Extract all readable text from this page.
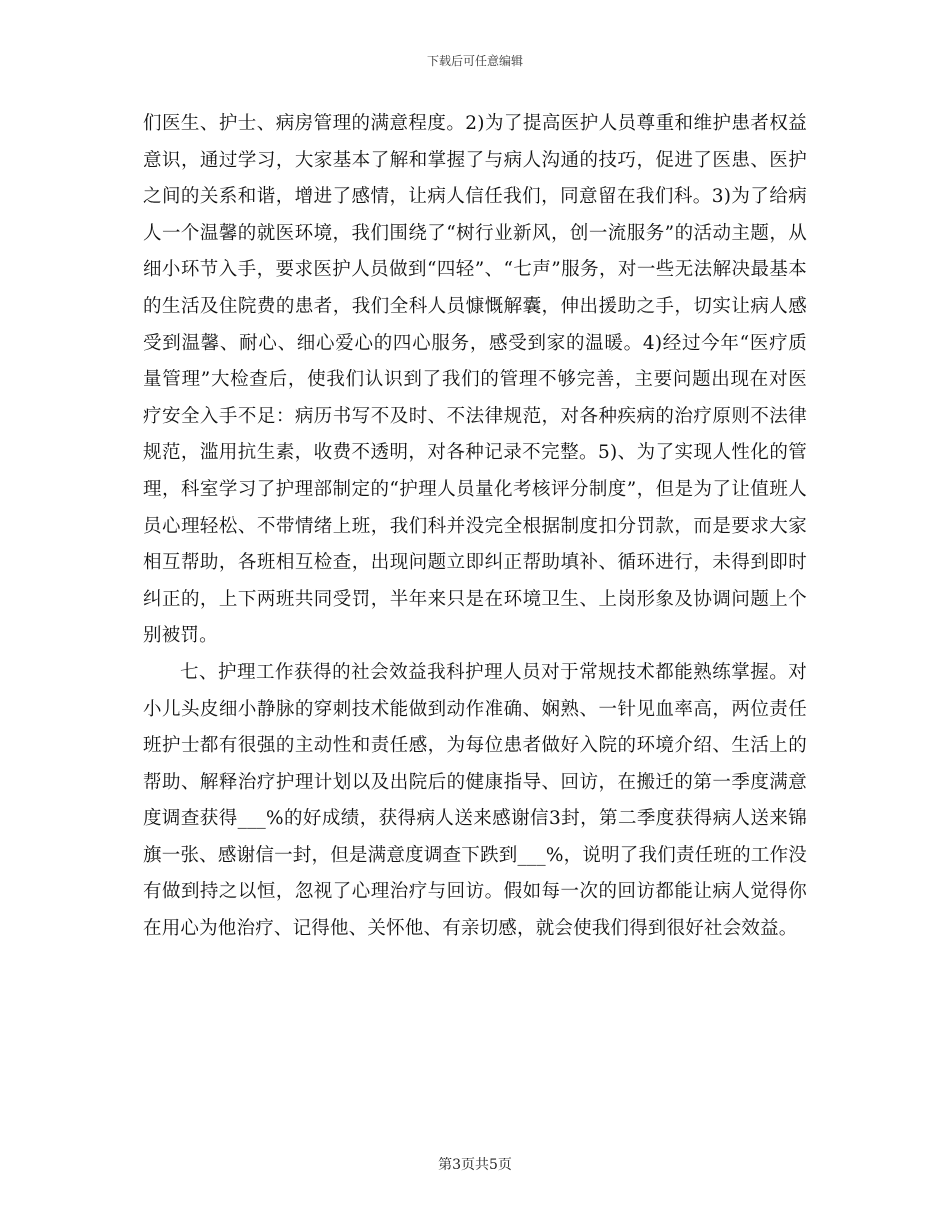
下载后可任意编辑

们医生、护士、病房管理的满意程度。2)为了提高医护人员尊重和维护患者权益意识，通过学习，大家基本了解和掌握了与病人沟通的技巧，促进了医患、医护之间的关系和谐，增进了感情，让病人信任我们，同意留在我们科。3)为了给病人一个温馨的就医环境，我们围绕了“树行业新风，创一流服务”的活动主题，从细小环节入手，要求医护人员做到“四轻”、“七声”服务，对一些无法解决最基本的生活及住院费的患者，我们全科人员慷慨解囊，伸出援助之手，切实让病人感受到温馨、耐心、细心爱心的四心服务，感受到家的温暖。4)经过今年“医疗质量管理”大检查后，使我们认识到了我们的管理不够完善，主要问题出现在对医疗安全入手不足：病历书写不及时、不法律规范，对各种疾病的治疗原则不法律规范，滥用抗生素，收费不透明，对各种记录不完整。5)、为了实现人性化的管理，科室学习了护理部制定的“护理人员量化考核评分制度”，但是为了让值班人员心理轻松、不带情绪上班，我们科并没完全根据制度扣分罚款，而是要求大家相互帮助，各班相互检查，出现问题立即纠正帮助填补、循环进行，未得到即时纠正的，上下两班共同受罚，半年来只是在环境卫生、上岗形象及协调问题上个别被罚。

七、护理工作获得的社会效益我科护理人员对于常规技术都能熟练掌握。对小儿头皮细小静脉的穿刺技术能做到动作准确、娴熟、一针见血率高，两位责任班护士都有很强的主动性和责任感，为每位患者做好入院的环境介绍、生活上的帮助、解释治疗护理计划以及出院后的健康指导、回访，在搬迁的第一季度满意度调查获得___%的好成绩，获得病人送来感谢信3封，第二季度获得病人送来锦旗一张、感谢信一封，但是满意度调查下跌到___%，说明了我们责任班的工作没有做到持之以恒，忽视了心理治疗与回访。假如每一次的回访都能让病人觉得你在用心为他治疗、记得他、关怀他、有亲切感，就会使我们得到很好社会效益。

第3页共5页
